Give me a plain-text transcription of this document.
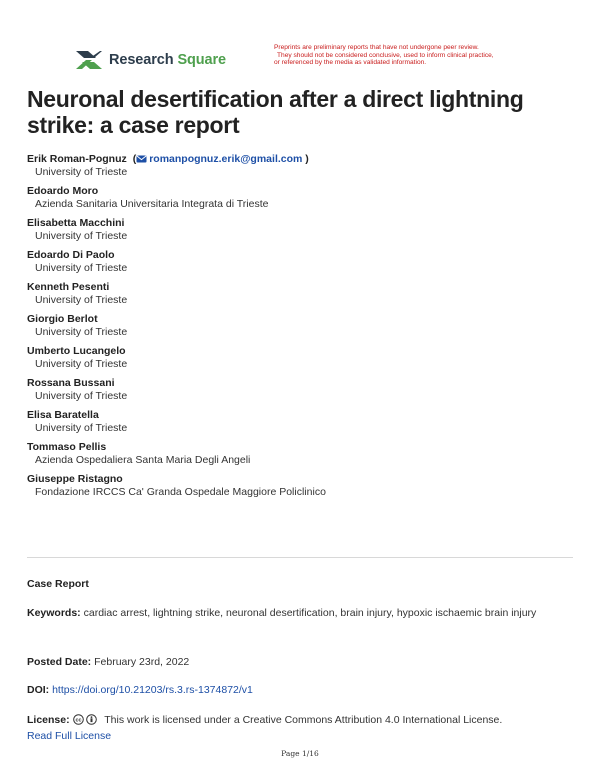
Research Square
Preprints are preliminary reports that have not undergone peer review.
They should not be considered conclusive, used to inform clinical practice,
or referenced by the media as validated information.
Neuronal desertification after a direct lightning strike: a case report
Erik Roman-Pognuz ( romanpognuz.erik@gmail.com )
University of Trieste
Edoardo Moro
Azienda Sanitaria Universitaria Integrata di Trieste
Elisabetta Macchini
University of Trieste
Edoardo Di Paolo
University of Trieste
Kenneth Pesenti
University of Trieste
Giorgio Berlot
University of Trieste
Umberto Lucangelo
University of Trieste
Rossana Bussani
University of Trieste
Elisa Baratella
University of Trieste
Tommaso Pellis
Azienda Ospedaliera Santa Maria Degli Angeli
Giuseppe Ristagno
Fondazione IRCCS Ca' Granda Ospedale Maggiore Policlinico
Case Report
Keywords: cardiac arrest, lightning strike, neuronal desertification, brain injury, hypoxic ischaemic brain injury
Posted Date: February 23rd, 2022
DOI: https://doi.org/10.21203/rs.3.rs-1374872/v1
License: cc This work is licensed under a Creative Commons Attribution 4.0 International License.
Read Full License
Page 1/16
